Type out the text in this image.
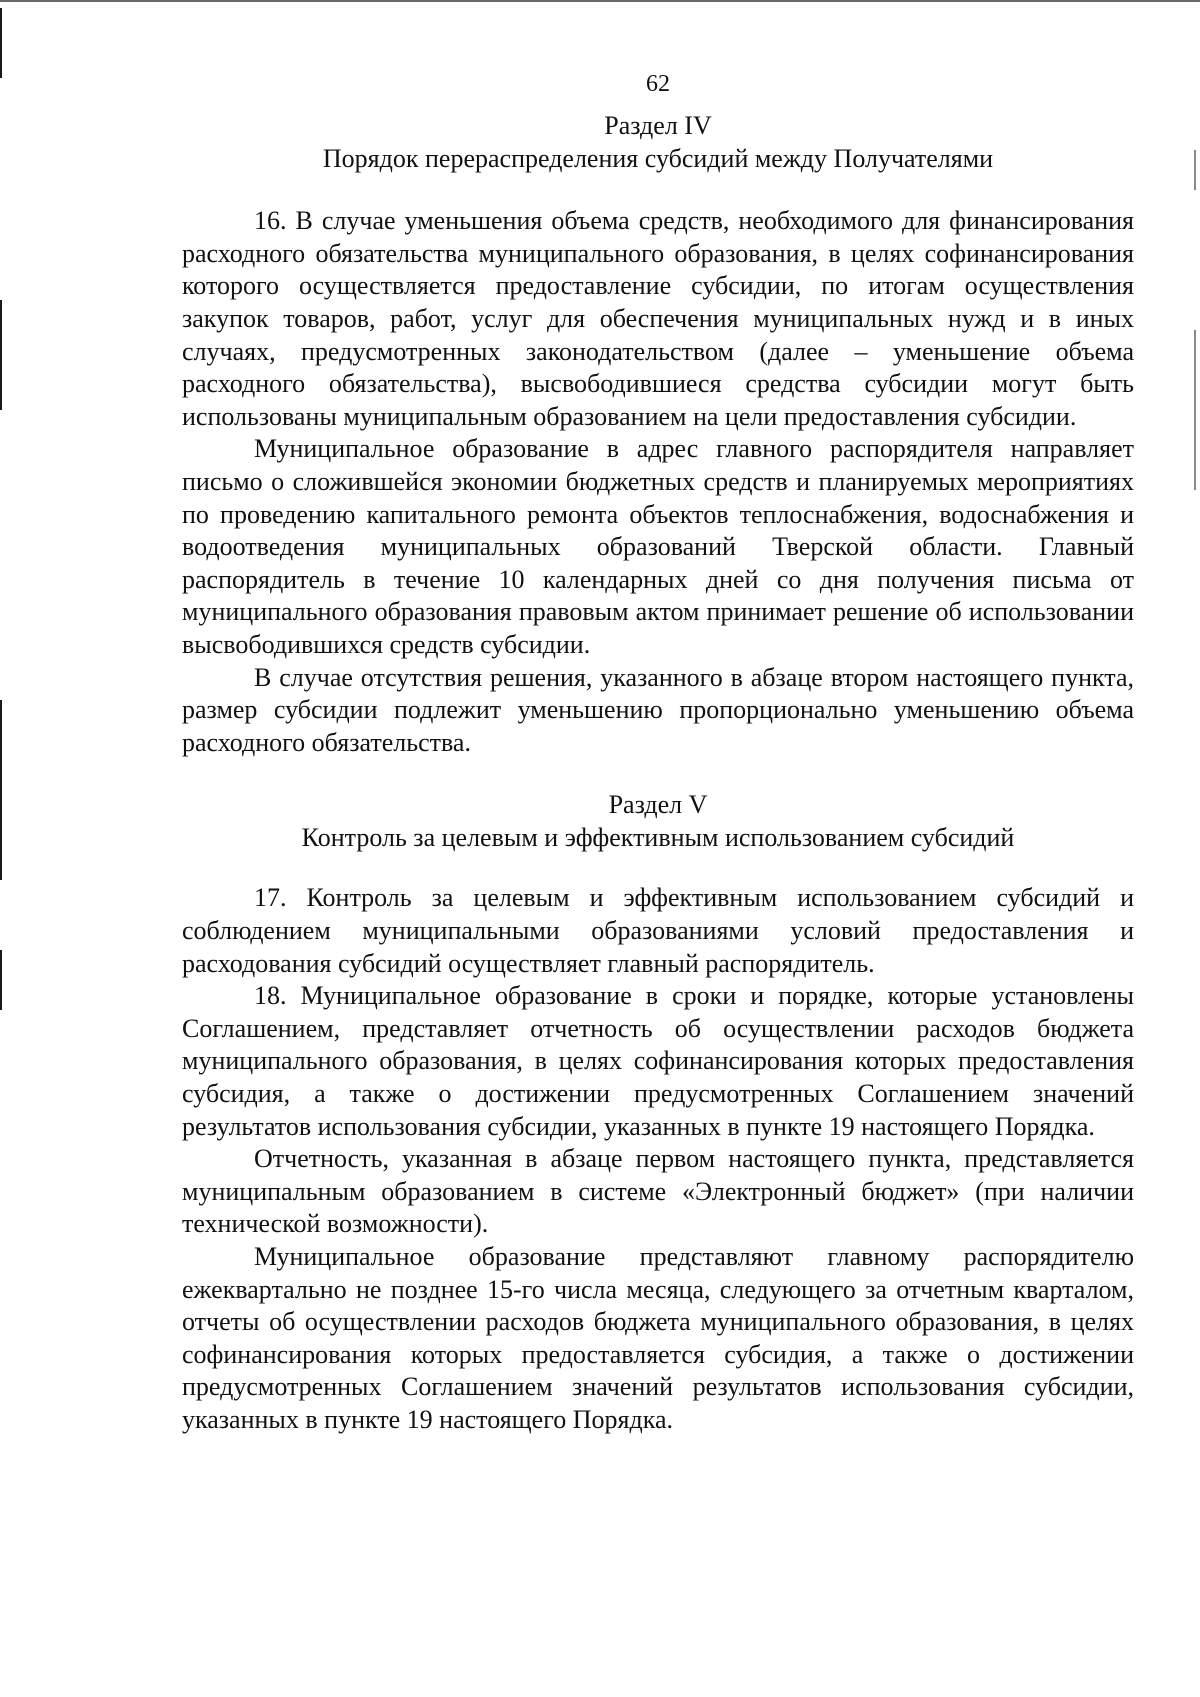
62

Раздел IV

Порядок перераспределения субсидий между Получателями

16. В случае уменьшения объема средств, необходимого для финансирования расходного обязательства муниципального образования, в целях софинансирования которого осуществляется предоставление субсидии, по итогам осуществления закупок товаров, работ, услуг для обеспечения муниципальных нужд и в иных случаях, предусмотренных законодательством (далее – уменьшение объема расходного обязательства), высвободившиеся средства субсидии могут быть использованы муниципальным образованием на цели предоставления субсидии.

Муниципальное образование в адрес главного распорядителя направляет письмо о сложившейся экономии бюджетных средств и планируемых мероприятиях по проведению капитального ремонта объектов теплоснабжения, водоснабжения и водоотведения муниципальных образований Тверской области. Главный распорядитель в течение 10 календарных дней со дня получения письма от муниципального образования правовым актом принимает решение об использовании высвободившихся средств субсидии.

В случае отсутствия решения, указанного в абзаце втором настоящего пункта, размер субсидии подлежит уменьшению пропорционально уменьшению объема расходного обязательства.

Раздел V

Контроль за целевым и эффективным использованием субсидий

17. Контроль за целевым и эффективным использованием субсидий и соблюдением муниципальными образованиями условий предоставления и расходования субсидий осуществляет главный распорядитель.

18. Муниципальное образование в сроки и порядке, которые установлены Соглашением, представляет отчетность об осуществлении расходов бюджета муниципального образования, в целях софинансирования которых предоставления субсидия, а также о достижении предусмотренных Соглашением значений результатов использования субсидии, указанных в пункте 19 настоящего Порядка.

Отчетность, указанная в абзаце первом настоящего пункта, представляется муниципальным образованием в системе «Электронный бюджет» (при наличии технической возможности).

Муниципальное образование представляют главному распорядителю ежеквартально не позднее 15-го числа месяца, следующего за отчетным кварталом, отчеты об осуществлении расходов бюджета муниципального образования, в целях софинансирования которых предоставляется субсидия, а также о достижении предусмотренных Соглашением значений результатов использования субсидии, указанных в пункте 19 настоящего Порядка.
